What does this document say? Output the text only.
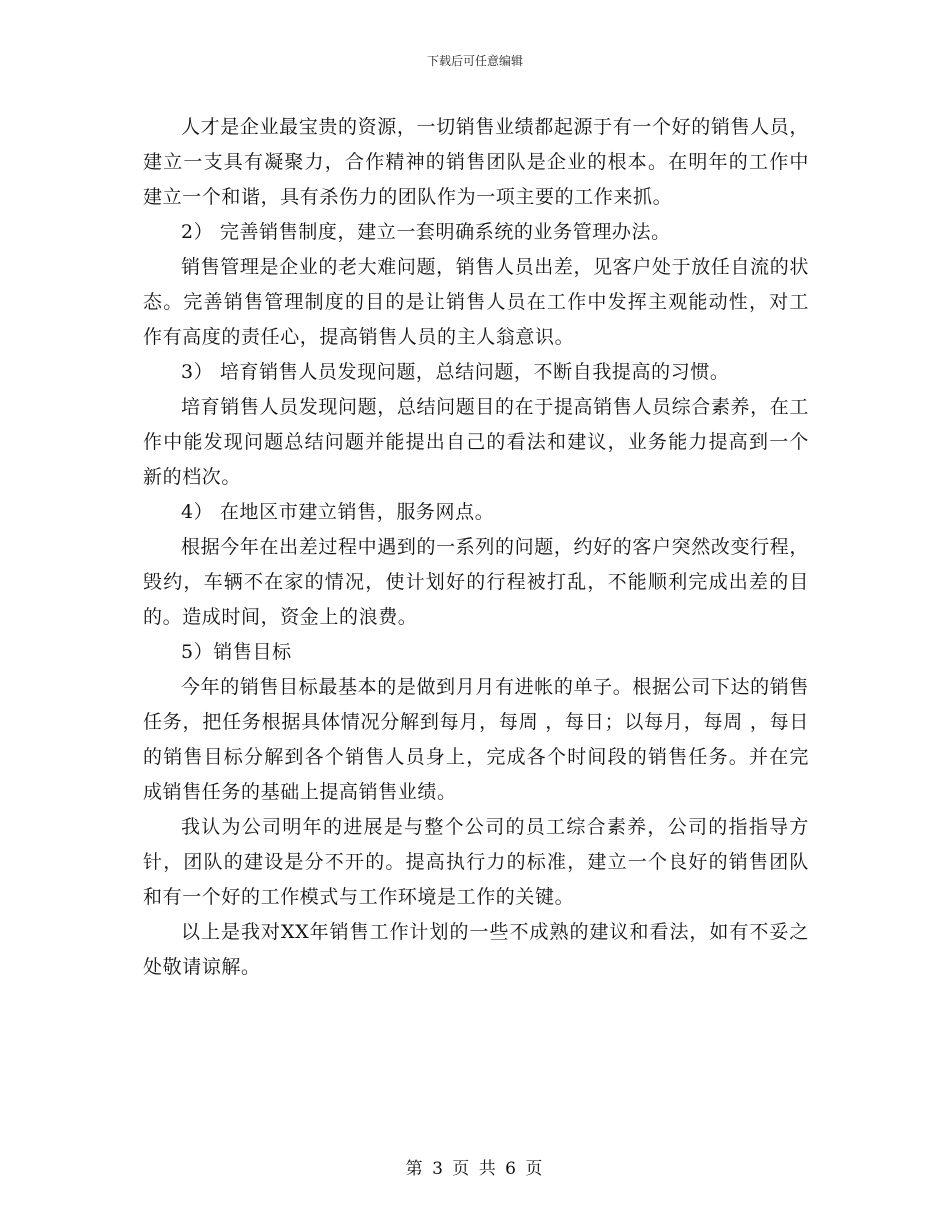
下载后可任意编辑

人才是企业最宝贵的资源，一切销售业绩都起源于有一个好的销售人员，建立一支具有凝聚力，合作精神的销售团队是企业的根本。在明年的工作中建立一个和谐，具有杀伤力的团队作为一项主要的工作来抓。

2） 完善销售制度，建立一套明确系统的业务管理办法。

销售管理是企业的老大难问题，销售人员出差，见客户处于放任自流的状态。完善销售管理制度的目的是让销售人员在工作中发挥主观能动性，对工作有高度的责任心，提高销售人员的主人翁意识。

3） 培育销售人员发现问题，总结问题，不断自我提高的习惯。

培育销售人员发现问题，总结问题目的在于提高销售人员综合素养，在工作中能发现问题总结问题并能提出自己的看法和建议，业务能力提高到一个新的档次。

4） 在地区市建立销售，服务网点。

根据今年在出差过程中遇到的一系列的问题，约好的客户突然改变行程，毁约，车辆不在家的情况，使计划好的行程被打乱，不能顺利完成出差的目的。造成时间，资金上的浪费。

5）销售目标

今年的销售目标最基本的是做到月月有进帐的单子。根据公司下达的销售任务，把任务根据具体情况分解到每月，每周 ，每日；以每月，每周 ，每日的销售目标分解到各个销售人员身上，完成各个时间段的销售任务。并在完成销售任务的基础上提高销售业绩。

我认为公司明年的进展是与整个公司的员工综合素养，公司的指指导方针，团队的建设是分不开的。提高执行力的标准，建立一个良好的销售团队和有一个好的工作模式与工作环境是工作的关键。

以上是我对XX年销售工作计划的一些不成熟的建议和看法，如有不妥之处敬请谅解。

第 3 页 共 6 页
